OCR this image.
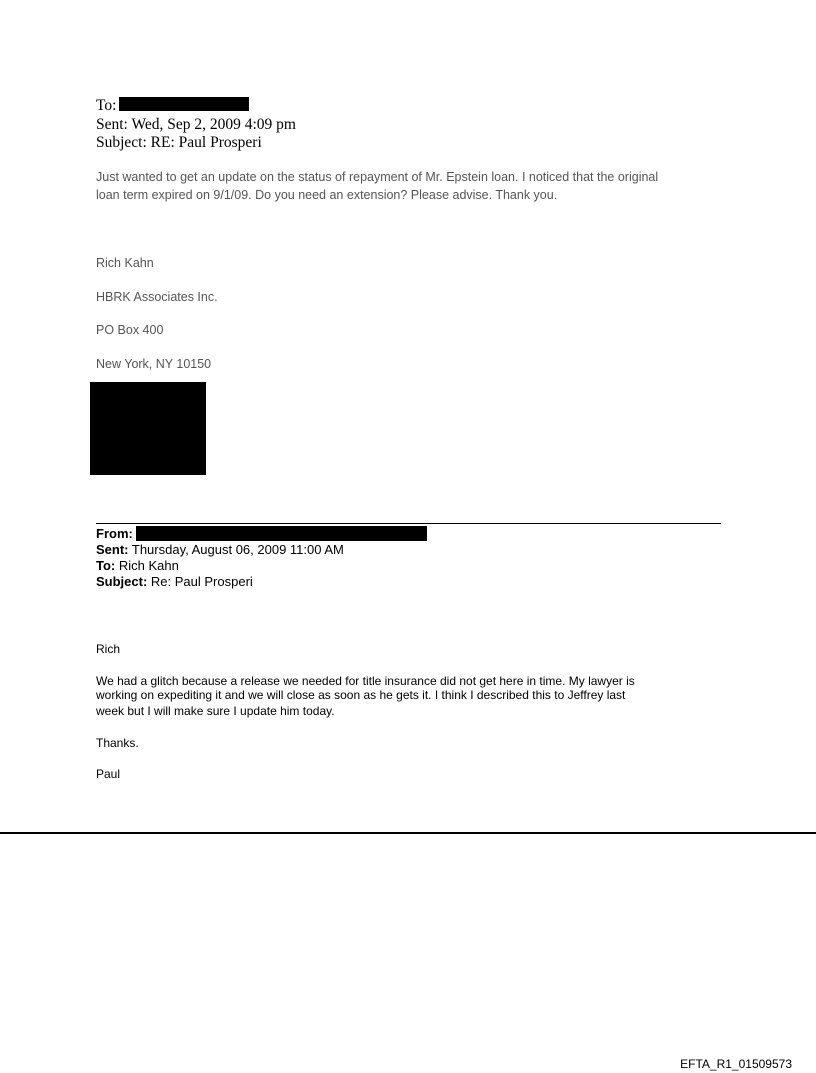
To:

Sent: Wed, Sep 2, 2009 4:09 pm

Subject: RE: Paul Prosperi

Just wanted to get an update on the status of repayment of Mr. Epstein loan. I noticed that the original

loan term expired on 9/1/09. Do you need an extension? Please advise. Thank you.

Rich Kahn

HBRK Associates Inc.

PO Box 400

New York, NY 10150

From:

Sent: Thursday, August 06, 2009 11:00 AM

To: Rich Kahn

Subject: Re: Paul Prosperi

Rich

We had a glitch because a release we needed for title insurance did not get here in time. My lawyer is

working on expediting it and we will close as soon as he gets it. I think I described this to Jeffrey last

week but I will make sure I update him today.

Thanks.

Paul

EFTA_R1_01509573
